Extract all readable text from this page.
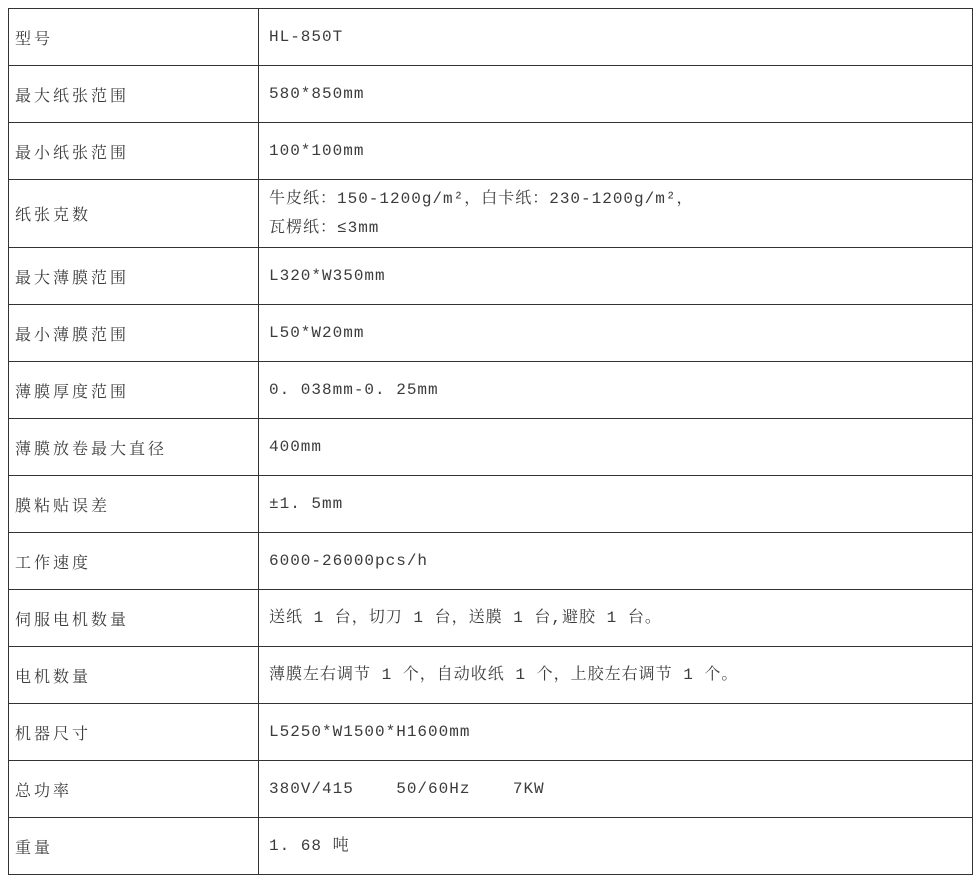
型号	HL-850T

最大纸张范围	580*850mm

最小纸张范围	100*100mm

纸张克数	牛皮纸：150-1200g/m²，白卡纸：230-1200g/m²，
瓦楞纸：≤3mm

最大薄膜范围	L320*W350mm

最小薄膜范围	L50*W20mm

薄膜厚度范围	0. 038mm-0. 25mm

薄膜放卷最大直径	400mm

膜粘贴误差	±1. 5mm

工作速度	6000-26000pcs/h

伺服电机数量	送纸 1 台，切刀 1 台，送膜 1 台,避胶 1 台。

电机数量	薄膜左右调节 1 个，自动收纸 1 个，上胶左右调节 1 个。

机器尺寸	L5250*W1500*H1600mm

总功率	380V/415    50/60Hz    7KW

重量	1. 68 吨
